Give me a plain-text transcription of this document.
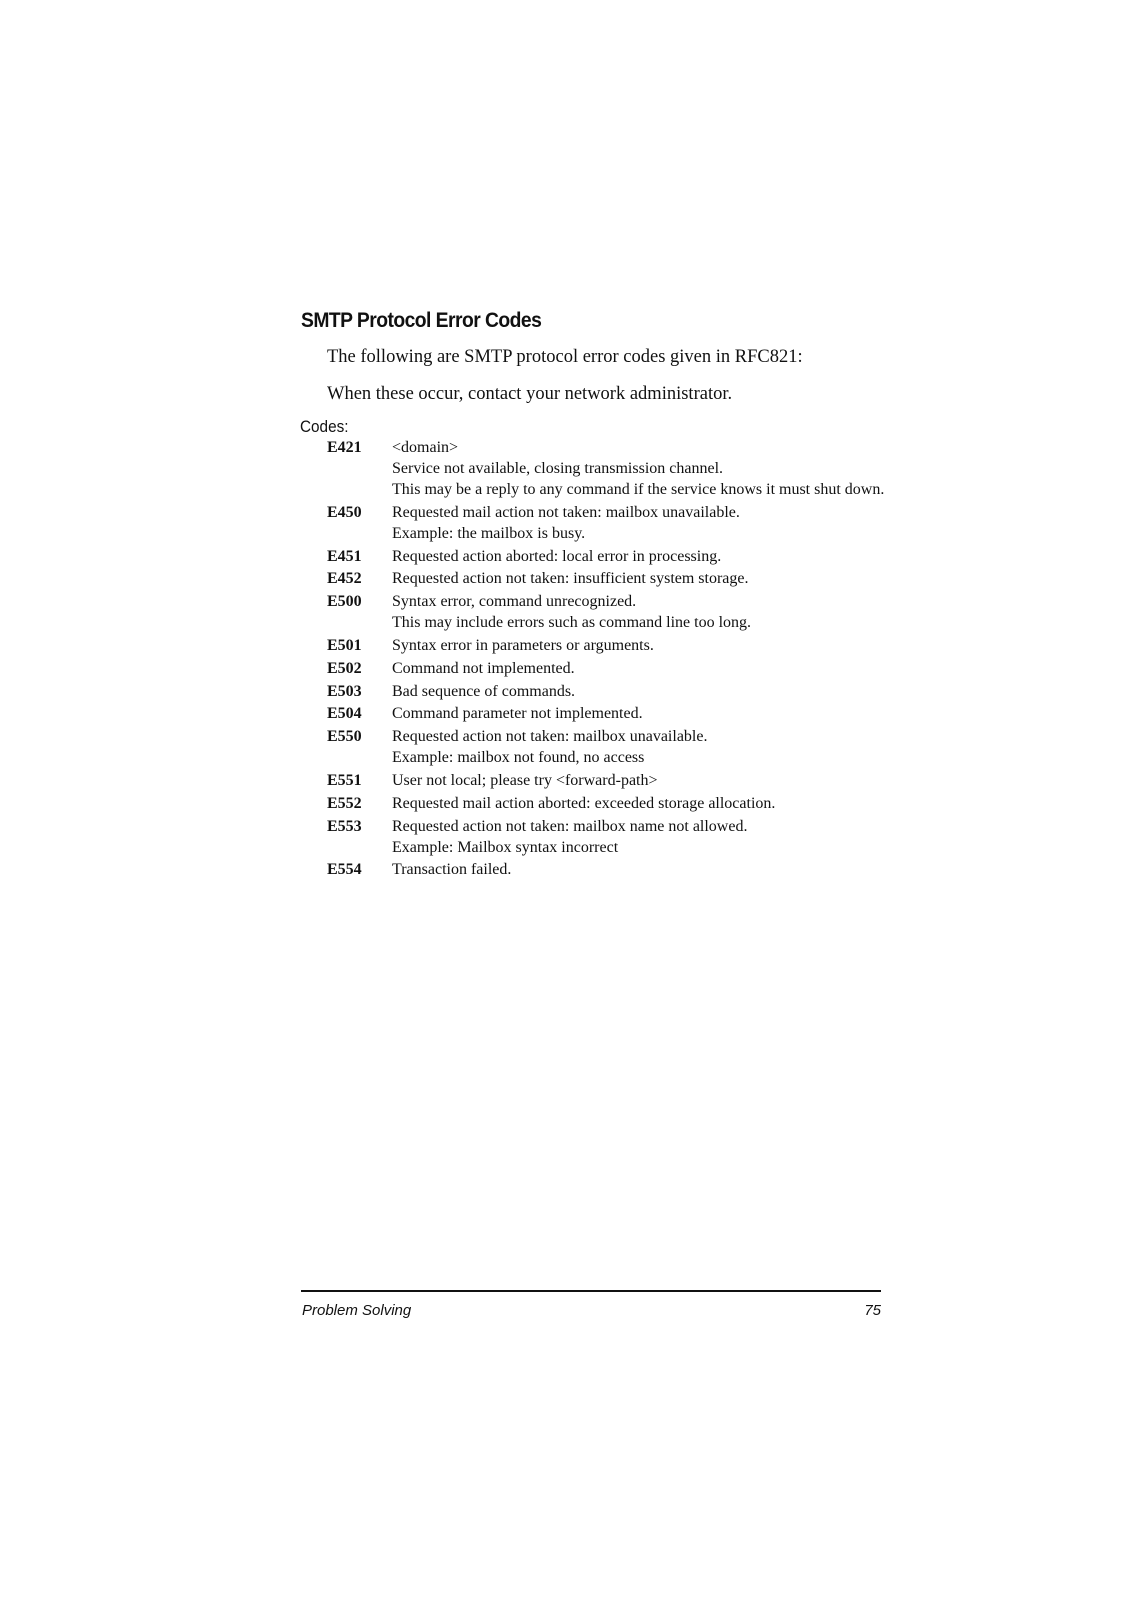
SMTP Protocol Error Codes
The following are SMTP protocol error codes given in RFC821:
When these occur, contact your network administrator.
Codes:
E421	<domain>
Service not available, closing transmission channel.
This may be a reply to any command if the service knows it must shut down.
E450	Requested mail action not taken: mailbox unavailable.
Example: the mailbox is busy.
E451	Requested action aborted: local error in processing.
E452	Requested action not taken: insufficient system storage.
E500	Syntax error, command unrecognized.
This may include errors such as command line too long.
E501	Syntax error in parameters or arguments.
E502	Command not implemented.
E503	Bad sequence of commands.
E504	Command parameter not implemented.
E550	Requested action not taken: mailbox unavailable.
Example: mailbox not found, no access
E551	User not local; please try <forward-path>
E552	Requested mail action aborted: exceeded storage allocation.
E553	Requested action not taken: mailbox name not allowed.
Example: Mailbox syntax incorrect
E554	Transaction failed.
Problem Solving	75
